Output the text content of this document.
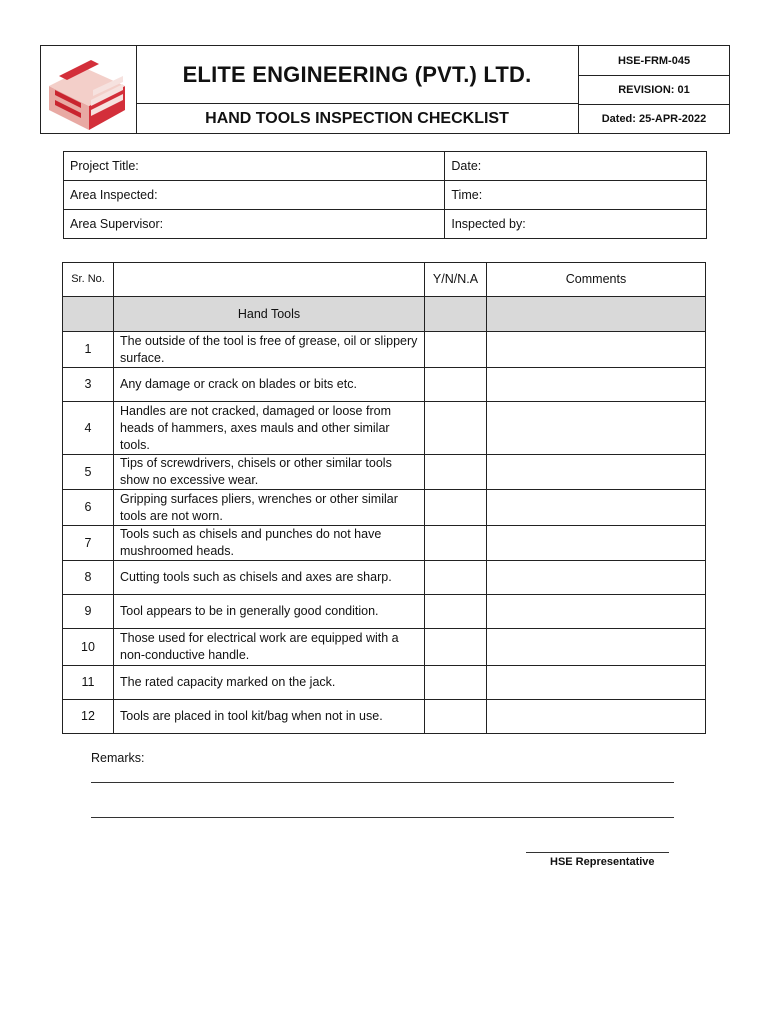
ELITE ENGINEERING (PVT.) LTD.
HAND TOOLS INSPECTION CHECKLIST
HSE-FRM-045
REVISION: 01
Dated: 25-APR-2022
Project Title:	Date:
Area Inspected:	Time:
Area Supervisor:	Inspected by:
Sr. No.		Y/N/N.A	Comments
	Hand Tools		
1	The outside of the tool is free of grease, oil or slippery surface.		
3	Any damage or crack on blades or bits etc.		
4	Handles are not cracked, damaged or loose from heads of hammers, axes mauls and other similar tools.		
5	Tips of screwdrivers, chisels or other similar tools show no excessive wear.		
6	Gripping surfaces pliers, wrenches or other similar tools are not worn.		
7	Tools such as chisels and punches do not have mushroomed heads.		
8	Cutting tools such as chisels and axes are sharp.		
9	Tool appears to be in generally good condition.		
10	Those used for electrical work are equipped with a non-conductive handle.		
11	The rated capacity marked on the jack.		
12	Tools are placed in tool kit/bag when not in use.		
Remarks:
HSE Representative
